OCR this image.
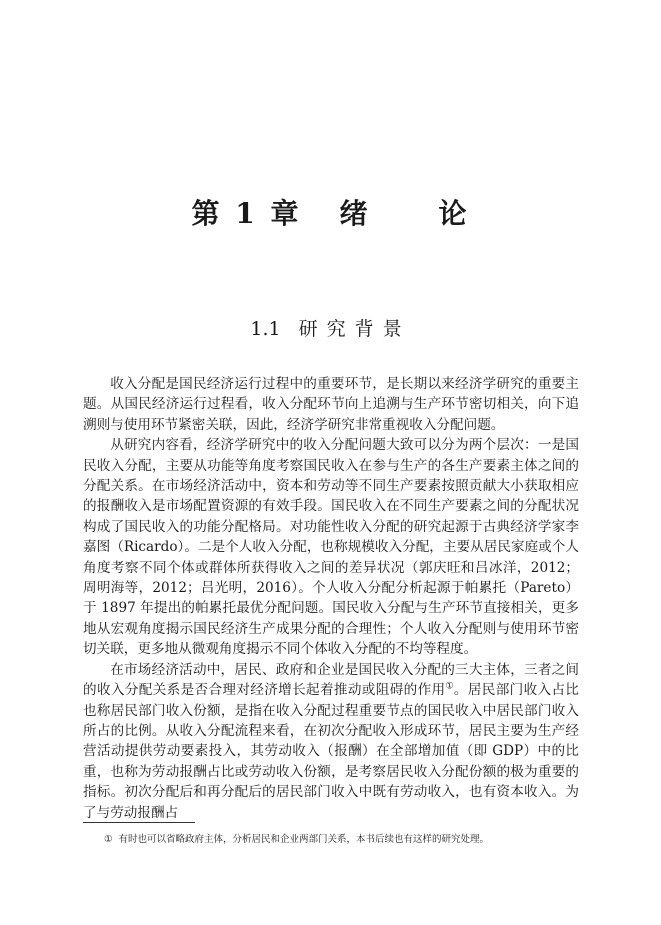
第 1 章 绪 论
1.1 研究背景

收入分配是国民经济运行过程中的重要环节，是长期以来经济学研究的重要主题。从国民经济运行过程看，收入分配环节向上追溯与生产环节密切相关，向下追溯则与使用环节紧密关联，因此，经济学研究非常重视收入分配问题。

从研究内容看，经济学研究中的收入分配问题大致可以分为两个层次：一是国民收入分配，主要从功能等角度考察国民收入在参与生产的各生产要素主体之间的分配关系。在市场经济活动中，资本和劳动等不同生产要素按照贡献大小获取相应的报酬收入是市场配置资源的有效手段。国民收入在不同生产要素之间的分配状况构成了国民收入的功能分配格局。对功能性收入分配的研究起源于古典经济学家李嘉图（Ricardo）。二是个人收入分配，也称规模收入分配，主要从居民家庭或个人角度考察不同个体或群体所获得收入之间的差异状况（郭庆旺和吕冰洋，2012；周明海等，2012；吕光明，2016）。个人收入分配分析起源于帕累托（Pareto）于 1897 年提出的帕累托最优分配问题。国民收入分配与生产环节直接相关，更多地从宏观角度揭示国民经济生产成果分配的合理性；个人收入分配则与使用环节密切关联，更多地从微观角度揭示不同个体收入分配的不均等程度。

在市场经济活动中，居民、政府和企业是国民收入分配的三大主体，三者之间的收入分配关系是否合理对经济增长起着推动或阻碍的作用①。居民部门收入占比也称居民部门收入份额，是指在收入分配过程重要节点的国民收入中居民部门收入所占的比例。从收入分配流程来看，在初次分配收入形成环节，居民主要为生产经营活动提供劳动要素投入，其劳动收入（报酬）在全部增加值（即 GDP）中的比重，也称为劳动报酬占比或劳动收入份额，是考察居民收入分配份额的极为重要的指标。初次分配后和再分配后的居民部门收入中既有劳动收入，也有资本收入。为了与劳动报酬占

① 有时也可以省略政府主体，分析居民和企业两部门关系，本书后续也有这样的研究处理。
